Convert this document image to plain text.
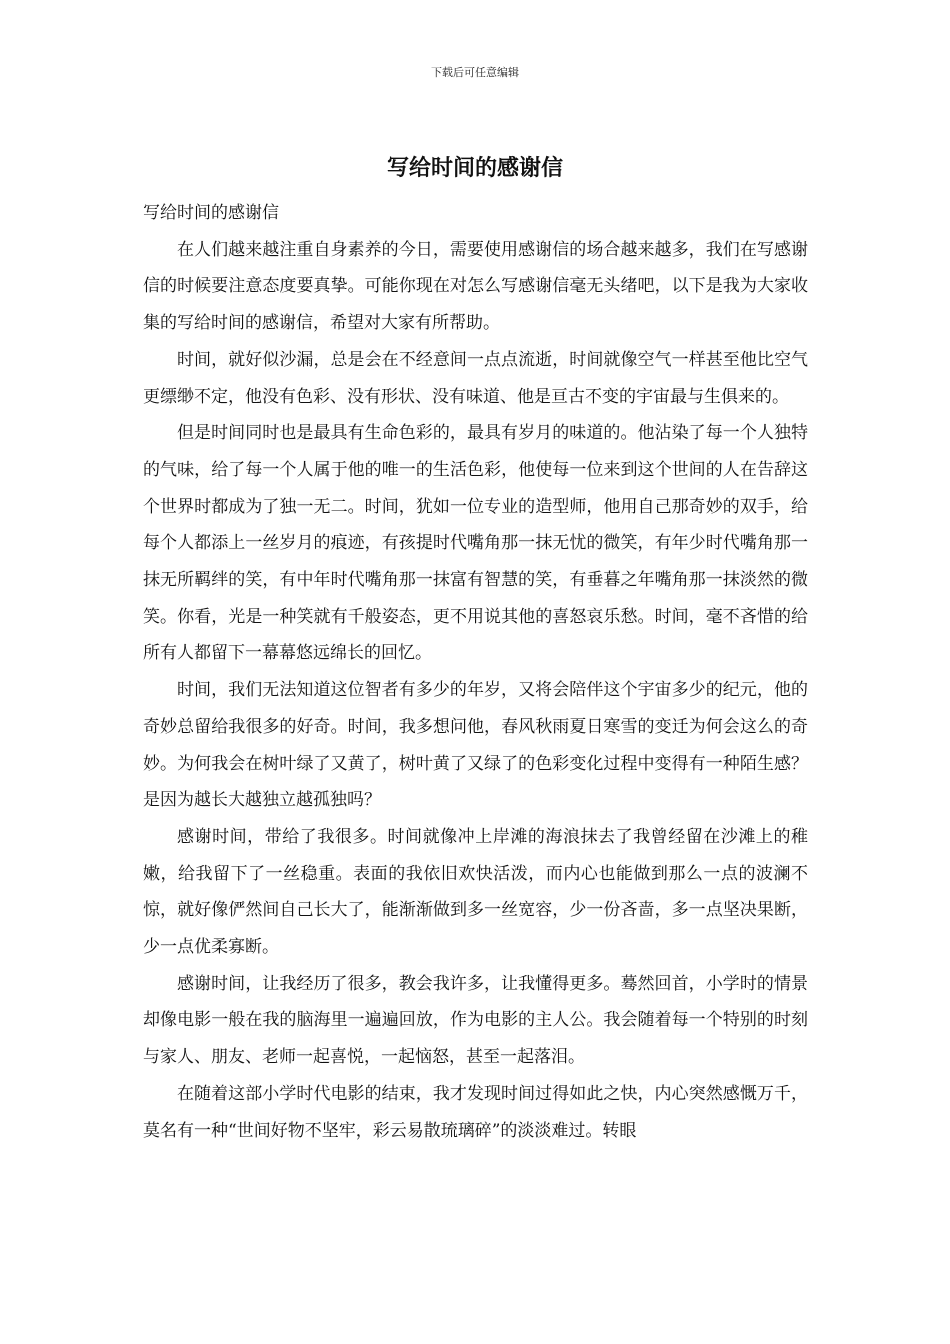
下载后可任意编辑
写给时间的感谢信

写给时间的感谢信

在人们越来越注重自身素养的今日，需要使用感谢信的场合越来越多，我们在写感谢信的时候要注意态度要真挚。可能你现在对怎么写感谢信毫无头绪吧，以下是我为大家收集的写给时间的感谢信，希望对大家有所帮助。

时间，就好似沙漏，总是会在不经意间一点点流逝，时间就像空气一样甚至他比空气更缥缈不定，他没有色彩、没有形状、没有味道、他是亘古不变的宇宙最与生俱来的。

但是时间同时也是最具有生命色彩的，最具有岁月的味道的。他沾染了每一个人独特的气味，给了每一个人属于他的唯一的生活色彩，他使每一位来到这个世间的人在告辞这个世界时都成为了独一无二。时间，犹如一位专业的造型师，他用自己那奇妙的双手，给每个人都添上一丝岁月的痕迹，有孩提时代嘴角那一抹无忧的微笑，有年少时代嘴角那一抹无所羁绊的笑，有中年时代嘴角那一抹富有智慧的笑，有垂暮之年嘴角那一抹淡然的微笑。你看，光是一种笑就有千般姿态，更不用说其他的喜怒哀乐愁。时间，毫不吝惜的给所有人都留下一幕幕悠远绵长的回忆。

时间，我们无法知道这位智者有多少的年岁，又将会陪伴这个宇宙多少的纪元，他的奇妙总留给我很多的好奇。时间，我多想问他，春风秋雨夏日寒雪的变迁为何会这么的奇妙。为何我会在树叶绿了又黄了，树叶黄了又绿了的色彩变化过程中变得有一种陌生感？是因为越长大越独立越孤独吗？

感谢时间，带给了我很多。时间就像冲上岸滩的海浪抹去了我曾经留在沙滩上的稚嫩，给我留下了一丝稳重。表面的我依旧欢快活泼，而内心也能做到那么一点的波澜不惊，就好像俨然间自己长大了，能渐渐做到多一丝宽容，少一份吝啬，多一点坚决果断，少一点优柔寡断。

感谢时间，让我经历了很多，教会我许多，让我懂得更多。蓦然回首，小学时的情景却像电影一般在我的脑海里一遍遍回放，作为电影的主人公。我会随着每一个特别的时刻与家人、朋友、老师一起喜悦，一起恼怒，甚至一起落泪。

在随着这部小学时代电影的结束，我才发现时间过得如此之快，内心突然感慨万千，莫名有一种“世间好物不坚牢，彩云易散琉璃碎”的淡淡难过。转眼
